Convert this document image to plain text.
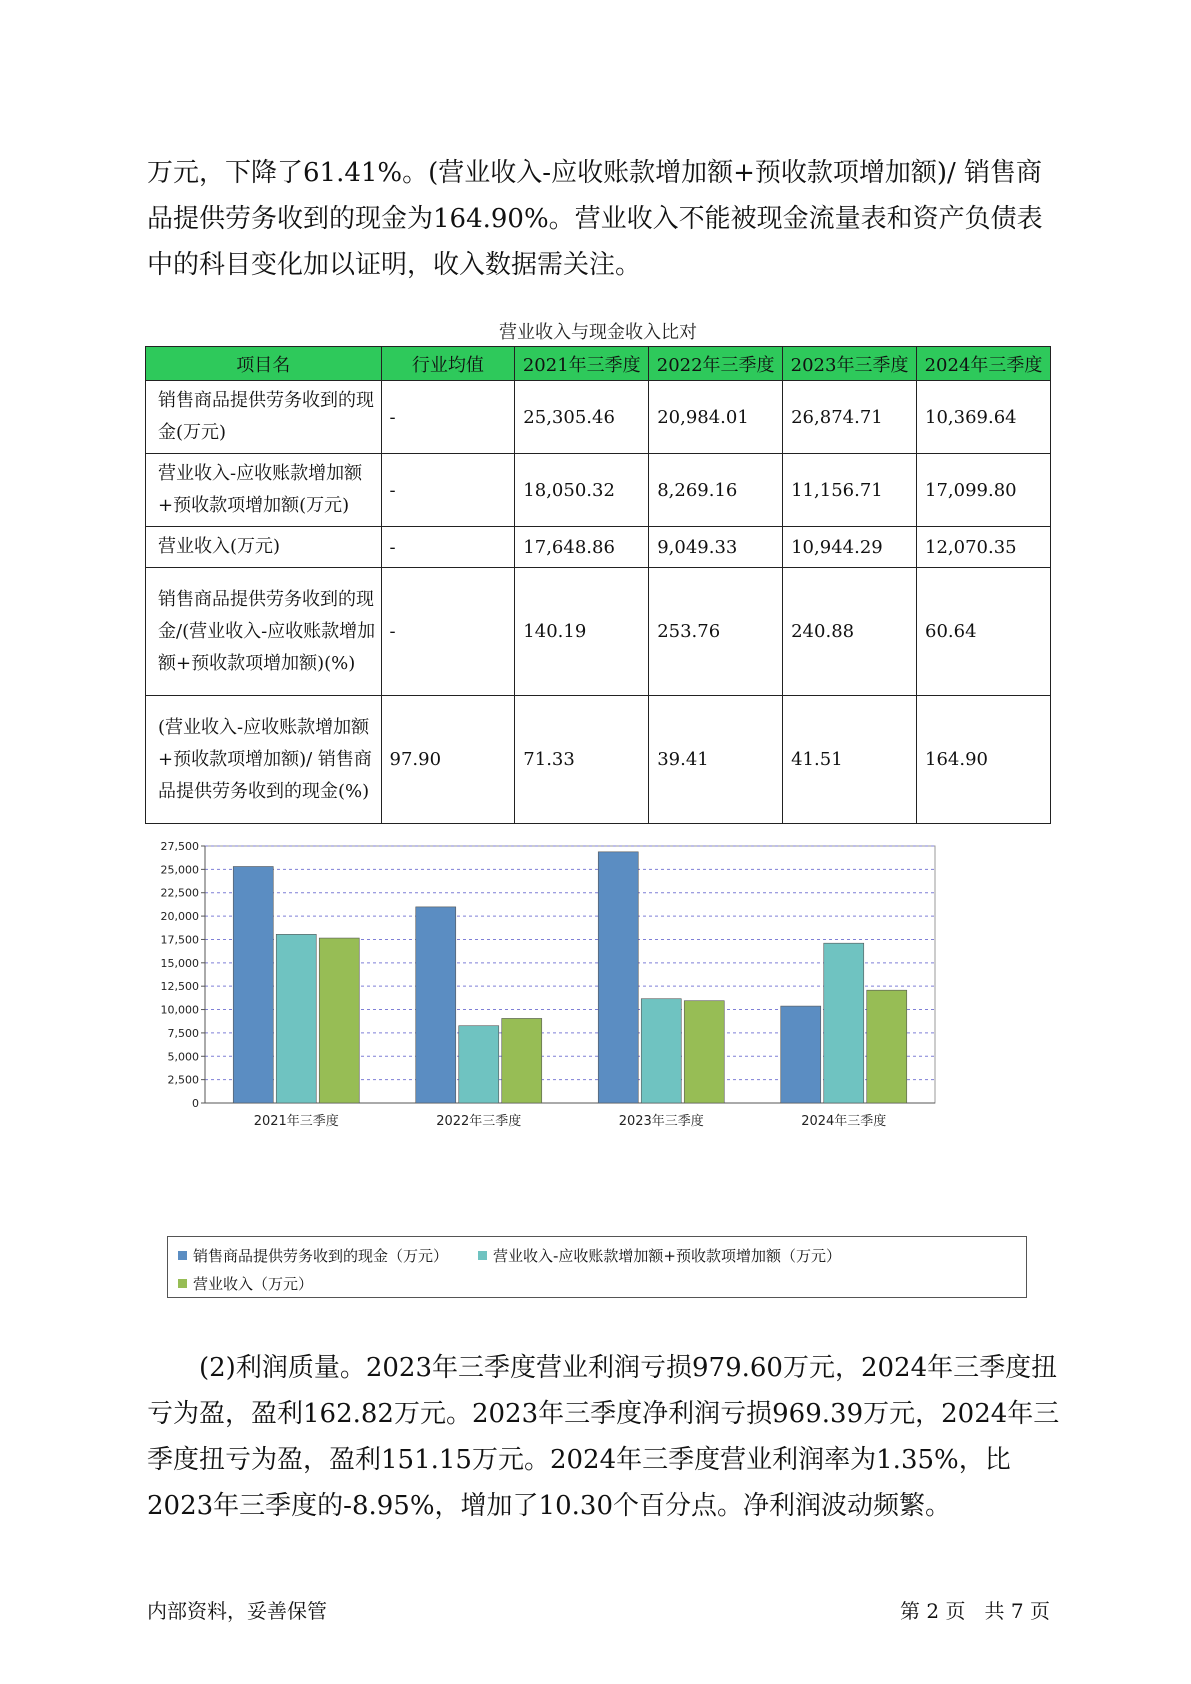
万元，下降了61.41%。(营业收入-应收账款增加额+预收款项增加额)/ 销售商品提供劳务收到的现金为164.90%。营业收入不能被现金流量表和资产负债表中的科目变化加以证明，收入数据需关注。

营业收入与现金收入比对
项目名	行业均值	2021年三季度	2022年三季度	2023年三季度	2024年三季度
销售商品提供劳务收到的现金(万元)	-	25,305.46	20,984.01	26,874.71	10,369.64
营业收入-应收账款增加额+预收款项增加额(万元)	-	18,050.32	8,269.16	11,156.71	17,099.80
营业收入(万元)	-	17,648.86	9,049.33	10,944.29	12,070.35
销售商品提供劳务收到的现金/(营业收入-应收账款增加额+预收款项增加额)(%)	-	140.19	253.76	240.88	60.64
(营业收入-应收账款增加额+预收款项增加额)/ 销售商品提供劳务收到的现金(%)	97.90	71.33	39.41	41.51	164.90
0
2,500
5,000
7,500
10,000
12,500
15,000
17,500
20,000
22,500
25,000
27,500
2021年三季度	2022年三季度	2023年三季度	2024年三季度
销售商品提供劳务收到的现金（万元）	营业收入-应收账款增加额+预收款项增加额（万元）
营业收入（万元）

(2)利润质量。2023年三季度营业利润亏损979.60万元，2024年三季度扭亏为盈，盈利162.82万元。2023年三季度净利润亏损969.39万元，2024年三季度扭亏为盈，盈利151.15万元。2024年三季度营业利润率为1.35%，比2023年三季度的-8.95%，增加了10.30个百分点。净利润波动频繁。

内部资料，妥善保管	第 2 页   共 7 页
